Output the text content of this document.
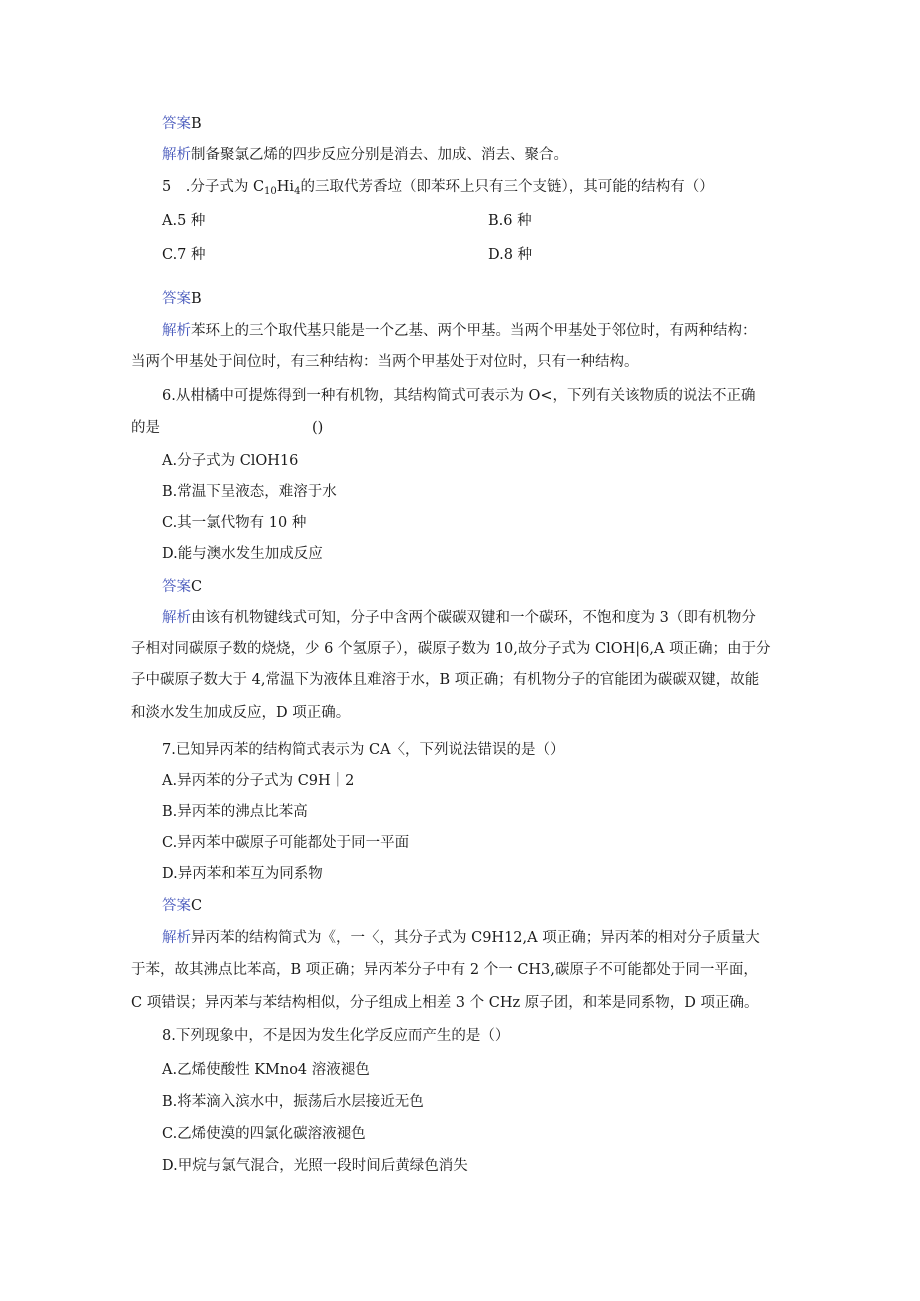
答案B
解析制备聚氯乙烯的四步反应分别是消去、加成、消去、聚合。
5　.分子式为 $C_{10}Hi_4$的三取代芳香垃（即苯环上只有三个支链），其可能的结构有（）
A.5 种	B.6 种
C.7 种	D.8 种
答案B
解析苯环上的三个取代基只能是一个乙基、两个甲基。当两个甲基处于邻位时，有两种结构：
当两个甲基处于间位时，有三种结构：当两个甲基处于对位时，只有一种结构。
6.从柑橘中可提炼得到一种有机物，其结构简式可表示为 O<，下列有关该物质的说法不正确
的是	()
A.分子式为 ClOH16
B.常温下呈液态，难溶于水
C.其一氯代物有 10 种
D.能与澳水发生加成反应
答案C
解析由该有机物键线式可知，分子中含两个碳碳双键和一个碳环，不饱和度为 3（即有机物分
子相对同碳原子数的烧烧，少 6 个氢原子），碳原子数为 10,故分子式为 ClOH|6,A 项正确；由于分
子中碳原子数大于 4,常温下为液体且难溶于水，B 项正确；有机物分子的官能团为碳碳双键，故能
和淡水发生加成反应，D 项正确。
7.已知异丙苯的结构简式表示为 CA〈，下列说法错误的是（）
A.异丙苯的分子式为 C9H｜2
B.异丙苯的沸点比苯高
C.异丙苯中碳原子可能都处于同一平面
D.异丙苯和苯互为同系物
答案C
解析异丙苯的结构简式为《，一〈，其分子式为 C9H12,A 项正确；异丙苯的相对分子质量大
于苯，故其沸点比苯高，B 项正确；异丙苯分子中有 2 个一 CH3,碳原子不可能都处于同一平面，
C 项错误；异丙苯与苯结构相似，分子组成上相差 3 个 CHz 原子团，和苯是同系物，D 项正确。
8.下列现象中，不是因为发生化学反应而产生的是（）
A.乙烯使酸性 KMno4 溶液褪色
B.将苯滴入滨水中，振荡后水层接近无色
C.乙烯使漠的四氯化碳溶液褪色
D.甲烷与氯气混合，光照一段时间后黄绿色消失
